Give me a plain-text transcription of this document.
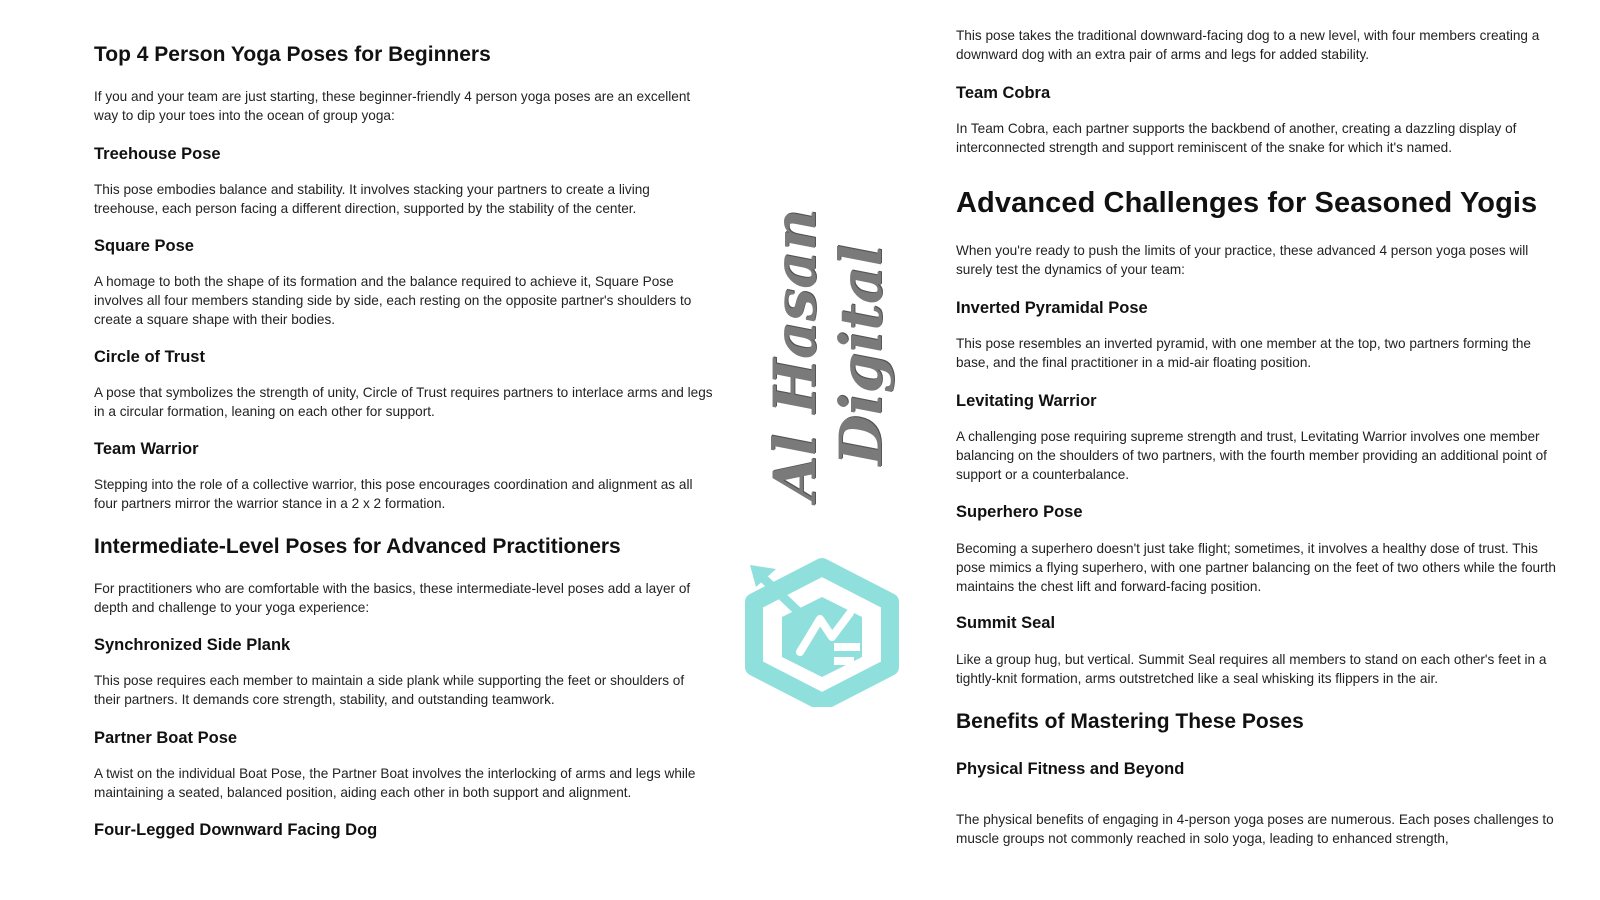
Top 4 Person Yoga Poses for Beginners

If you and your team are just starting, these beginner-friendly 4 person yoga poses are an excellent way to dip your toes into the ocean of group yoga:

Treehouse Pose

This pose embodies balance and stability. It involves stacking your partners to create a living treehouse, each person facing a different direction, supported by the stability of the center.

Square Pose

A homage to both the shape of its formation and the balance required to achieve it, Square Pose involves all four members standing side by side, each resting on the opposite partner's shoulders to create a square shape with their bodies.

Circle of Trust

A pose that symbolizes the strength of unity, Circle of Trust requires partners to interlace arms and legs in a circular formation, leaning on each other for support.

Team Warrior

Stepping into the role of a collective warrior, this pose encourages coordination and alignment as all four partners mirror the warrior stance in a 2 x 2 formation.

Intermediate-Level Poses for Advanced Practitioners

For practitioners who are comfortable with the basics, these intermediate-level poses add a layer of depth and challenge to your yoga experience:

Synchronized Side Plank

This pose requires each member to maintain a side plank while supporting the feet or shoulders of their partners. It demands core strength, stability, and outstanding teamwork.

Partner Boat Pose

A twist on the individual Boat Pose, the Partner Boat involves the interlocking of arms and legs while maintaining a seated, balanced position, aiding each other in both support and alignment.

Four-Legged Downward Facing Dog
Al Hasan
Digital

This pose takes the traditional downward-facing dog to a new level, with four members creating a downward dog with an extra pair of arms and legs for added stability.

Team Cobra

In Team Cobra, each partner supports the backbend of another, creating a dazzling display of interconnected strength and support reminiscent of the snake for which it's named.

Advanced Challenges for Seasoned Yogis

When you're ready to push the limits of your practice, these advanced 4 person yoga poses will surely test the dynamics of your team:

Inverted Pyramidal Pose

This pose resembles an inverted pyramid, with one member at the top, two partners forming the base, and the final practitioner in a mid-air floating position.

Levitating Warrior

A challenging pose requiring supreme strength and trust, Levitating Warrior involves one member balancing on the shoulders of two partners, with the fourth member providing an additional point of support or a counterbalance.

Superhero Pose

Becoming a superhero doesn't just take flight; sometimes, it involves a healthy dose of trust. This pose mimics a flying superhero, with one partner balancing on the feet of two others while the fourth maintains the chest lift and forward-facing position.

Summit Seal

Like a group hug, but vertical. Summit Seal requires all members to stand on each other's feet in a tightly-knit formation, arms outstretched like a seal whisking its flippers in the air.

Benefits of Mastering These Poses
Physical Fitness and Beyond

The physical benefits of engaging in 4-person yoga poses are numerous. Each poses challenges to muscle groups not commonly reached in solo yoga, leading to enhanced strength,
